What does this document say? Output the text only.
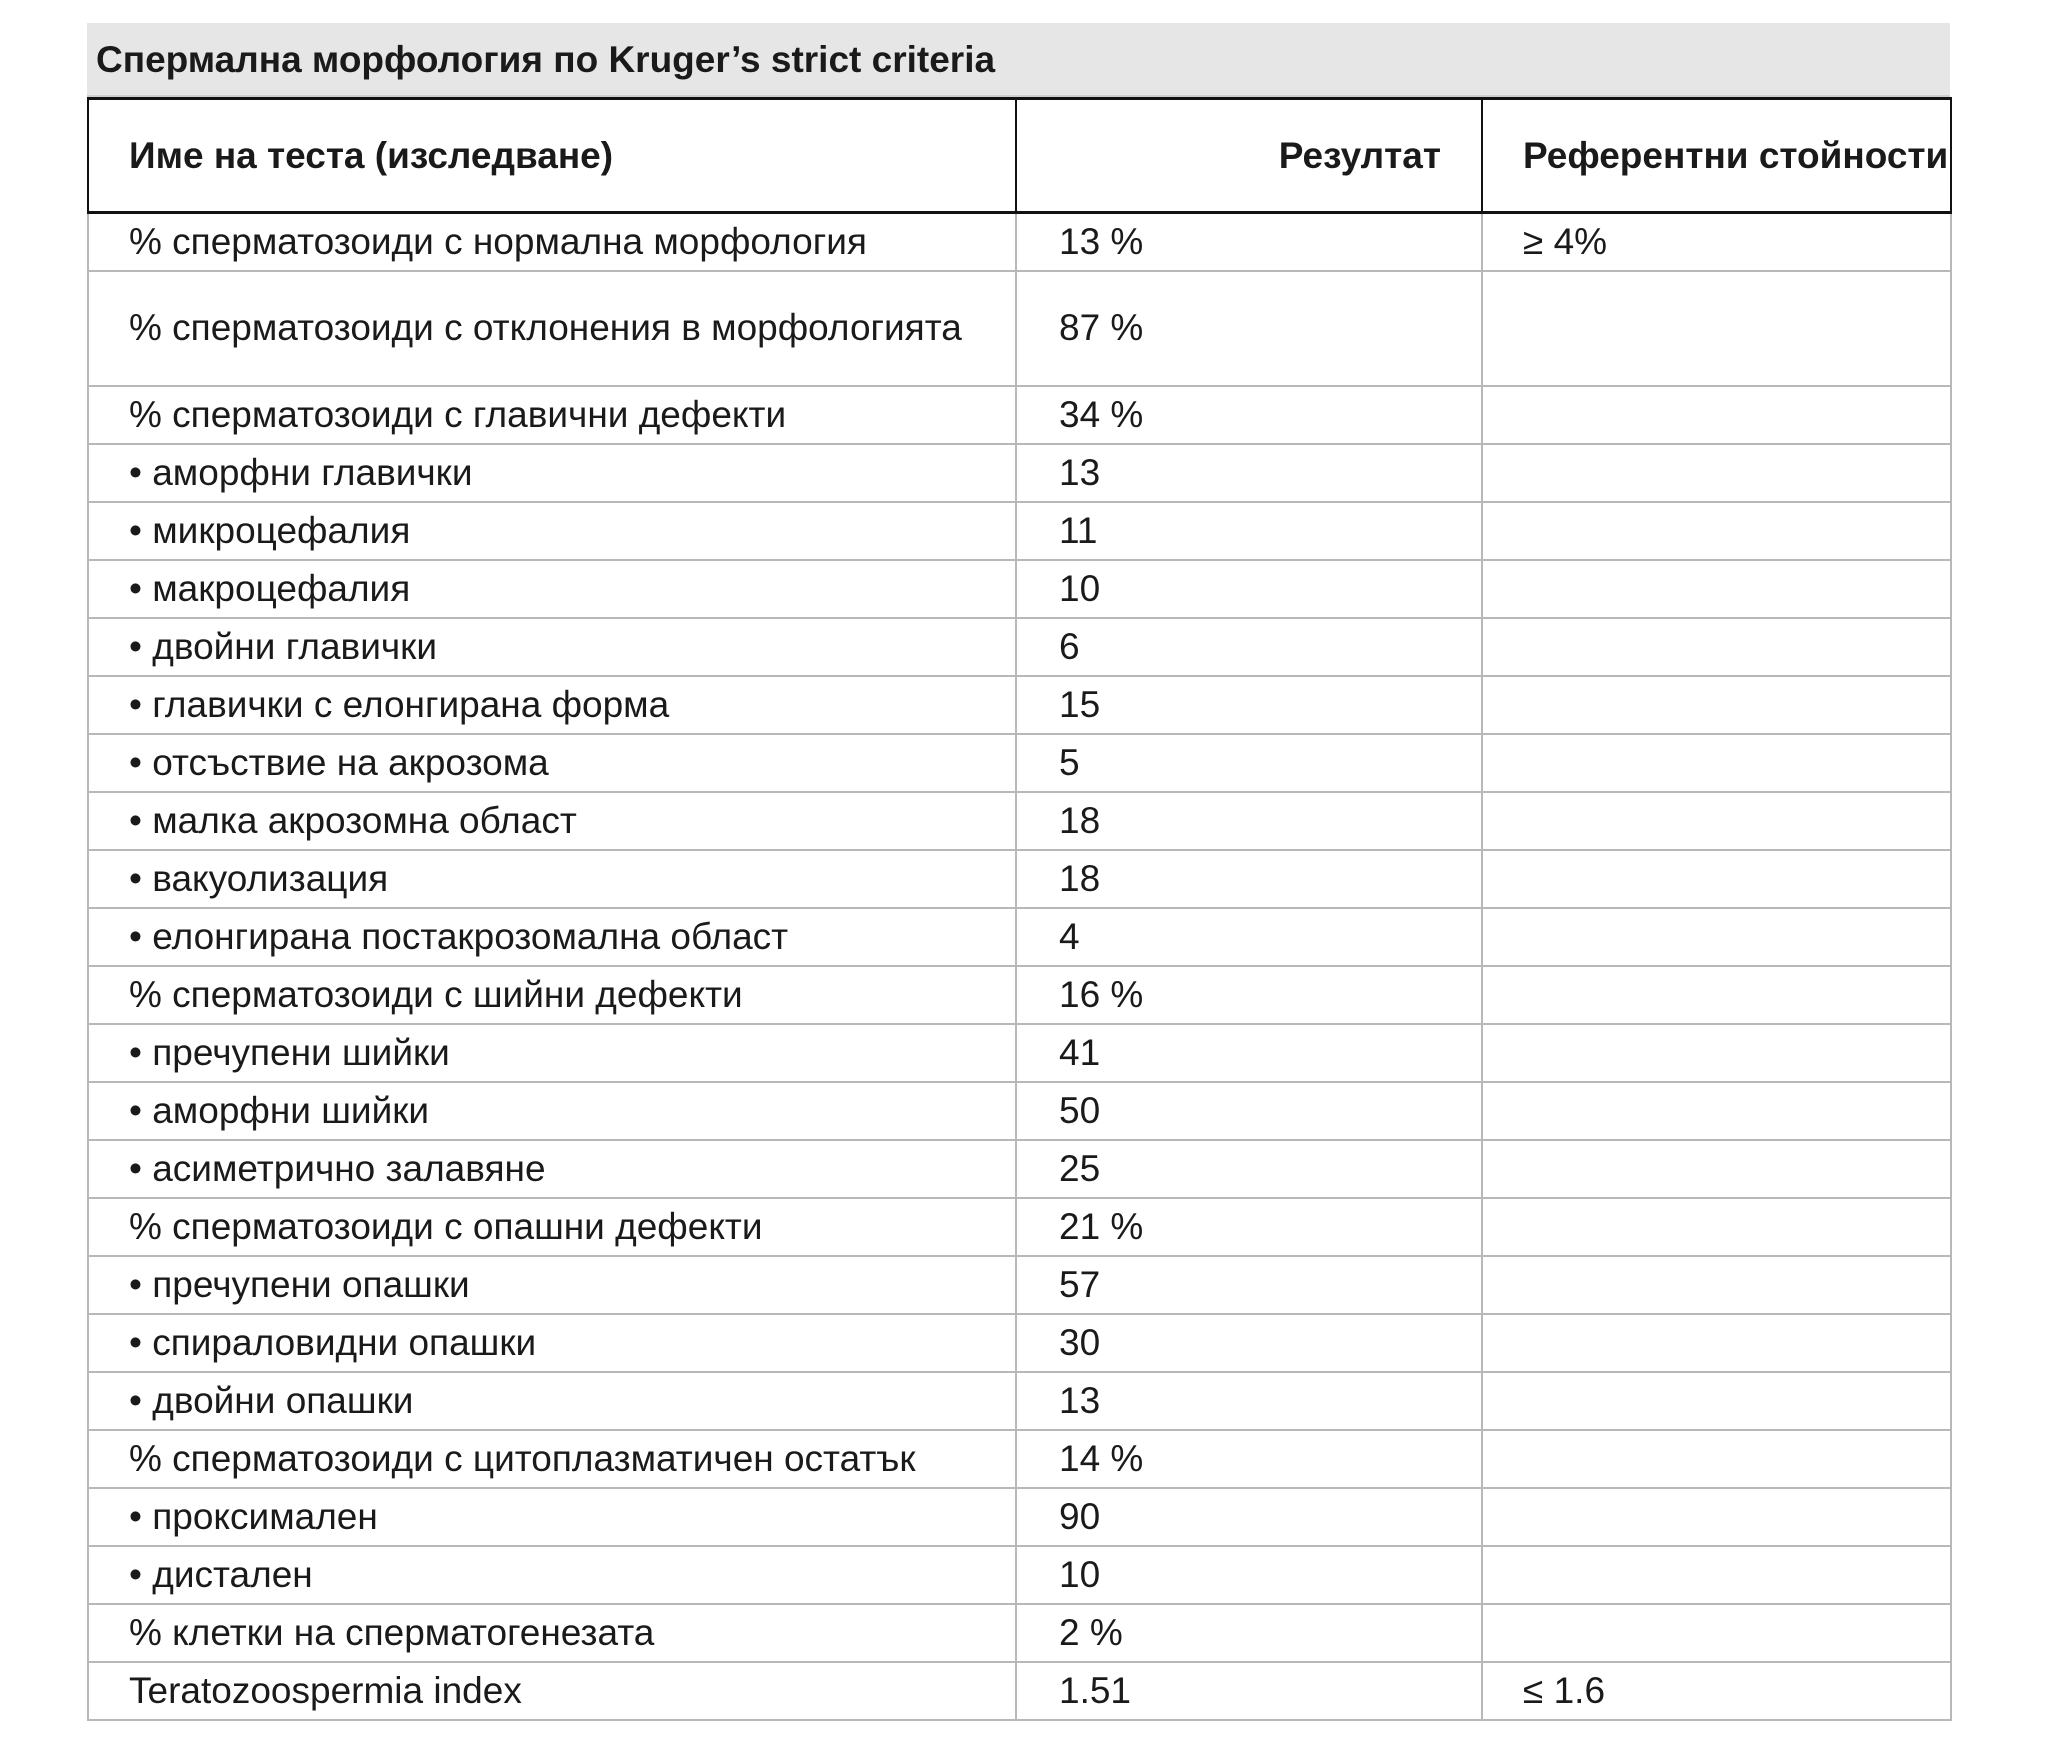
Спермална морфология по Kruger’s strict criteria
Име на теста (изследване)	Резултат	Референтни стойности
% сперматозоиди с нормална морфология	13 %	≥ 4%
% сперматозоиди с отклонения в морфологията	87 %	
% сперматозоиди с главични дефекти	34 %	
• аморфни главички	13	
• микроцефалия	11	
• макроцефалия	10	
• двойни главички	6	
• главички с елонгирана форма	15	
• отсъствие на акрозома	5	
• малка акрозомна област	18	
• вакуолизация	18	
• елонгирана постакрозомална област	4	
% сперматозоиди с шийни дефекти	16 %	
• пречупени шийки	41	
• аморфни шийки	50	
• асиметрично залавяне	25	
% сперматозоиди с опашни дефекти	21 %	
• пречупени опашки	57	
• спираловидни опашки	30	
• двойни опашки	13	
% сперматозоиди с цитоплазматичен остатък	14 %	
• проксимален	90	
• дистален	10	
% клетки на сперматогенезата	2 %	
Teratozoospermia index	1.51	≤ 1.6
